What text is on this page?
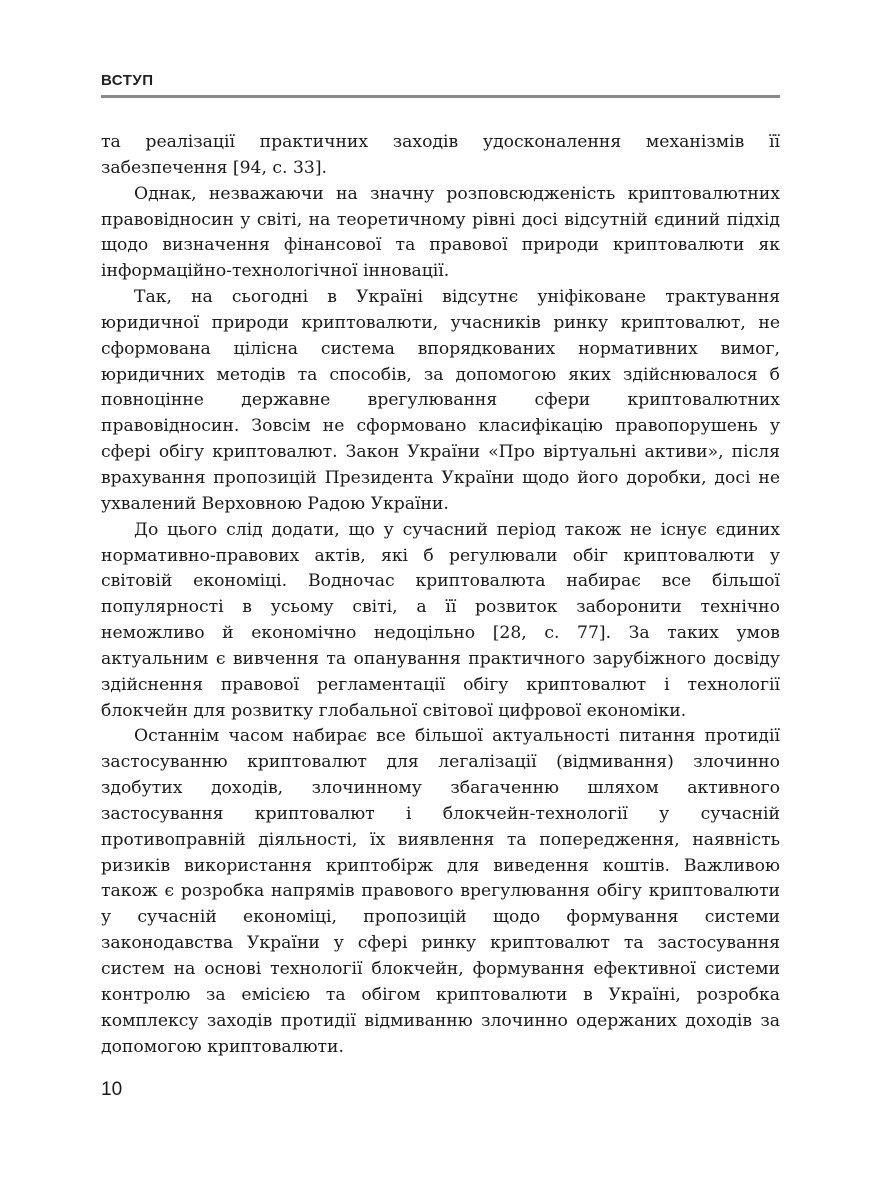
ВСТУП

та реалізації практичних заходів удосконалення механізмів її забезпечення [94, с. 33].

Однак, незважаючи на значну розповсюдженість криптовалютних правовідносин у світі, на теоретичному рівні досі відсутній єдиний підхід щодо визначення фінансової та правової природи криптовалюти як інформаційно-технологічної інновації.

Так, на сьогодні в Україні відсутнє уніфіковане трактування юридичної природи криптовалюти, учасників ринку криптовалют, не сформована цілісна система впорядкованих нормативних вимог, юридичних методів та способів, за допомогою яких здійснювалося б повноцінне державне врегулювання сфери криптовалютних правовідносин. Зовсім не сформовано класифікацію правопорушень у сфері обігу криптовалют. Закон України «Про віртуальні активи», після врахування пропозицій Президента України щодо його доробки, досі не ухвалений Верховною Радою України.

До цього слід додати, що у сучасний період також не існує єдиних нормативно-правових актів, які б регулювали обіг криптовалюти у світовій економіці. Водночас криптовалюта набирає все більшої популярності в усьому світі, а її розвиток заборонити технічно неможливо й економічно недоцільно [28, с. 77]. За таких умов актуальним є вивчення та опанування практичного зарубіжного досвіду здійснення правової регламентації обігу криптовалют і технології блокчейн для розвитку глобальної світової цифрової економіки.

Останнім часом набирає все більшої актуальності питання протидії застосуванню криптовалют для легалізації (відмивання) злочинно здобутих доходів, злочинному збагаченню шляхом активного застосування криптовалют і блокчейн-технології у сучасній противоправній діяльності, їх виявлення та попередження, наявність ризиків використання криптобірж для виведення коштів. Важливою також є розробка напрямів правового врегулювання обігу криптовалюти у сучасній економіці, пропозицій щодо формування системи законодавства України у сфері ринку криптовалют та застосування систем на основі технології блокчейн, формування ефективної системи контролю за емісією та обігом криптовалюти в Україні, розробка комплексу заходів протидії відмиванню злочинно одержаних доходів за допомогою криптовалюти.

10
